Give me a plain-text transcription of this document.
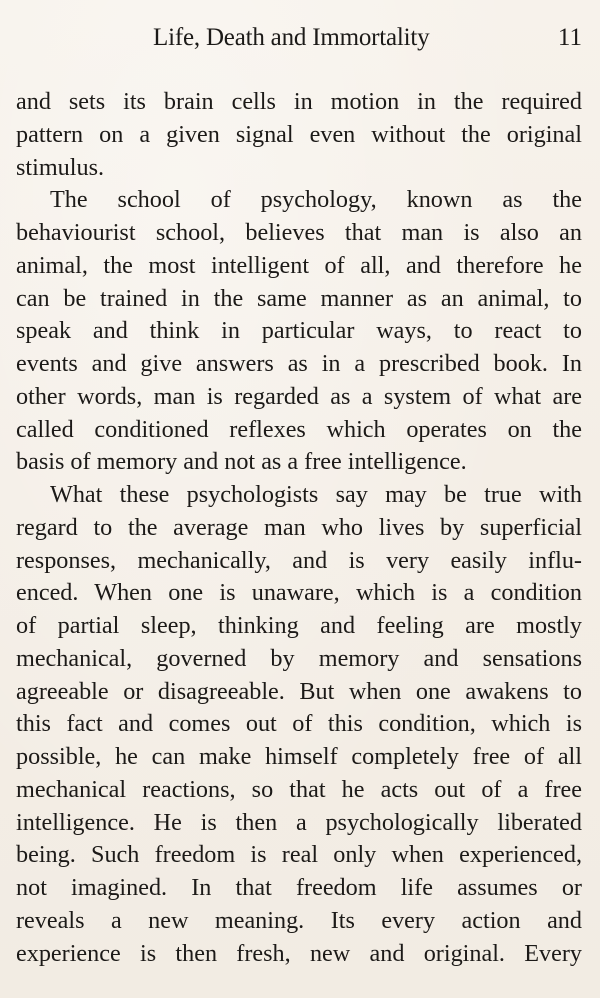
Life, Death and Immortality	11
and sets its brain cells in motion in the required
pattern on a given signal even without the original
stimulus.
The school of psychology, known as the
behaviourist school, believes that man is also an
animal, the most intelligent of all, and therefore he
can be trained in the same manner as an animal, to
speak and think in particular ways, to react to
events and give answers as in a prescribed book. In
other words, man is regarded as a system of what are
called conditioned reflexes which operates on the
basis of memory and not as a free intelligence.
What these psychologists say may be true with
regard to the average man who lives by superficial
responses, mechanically, and is very easily influ-
enced. When one is unaware, which is a condition
of partial sleep, thinking and feeling are mostly
mechanical, governed by memory and sensations
agreeable or disagreeable. But when one awakens to
this fact and comes out of this condition, which is
possible, he can make himself completely free of all
mechanical reactions, so that he acts out of a free
intelligence. He is then a psychologically liberated
being. Such freedom is real only when experienced,
not imagined. In that freedom life assumes or
reveals a new meaning. Its every action and
experience is then fresh, new and original. Every
